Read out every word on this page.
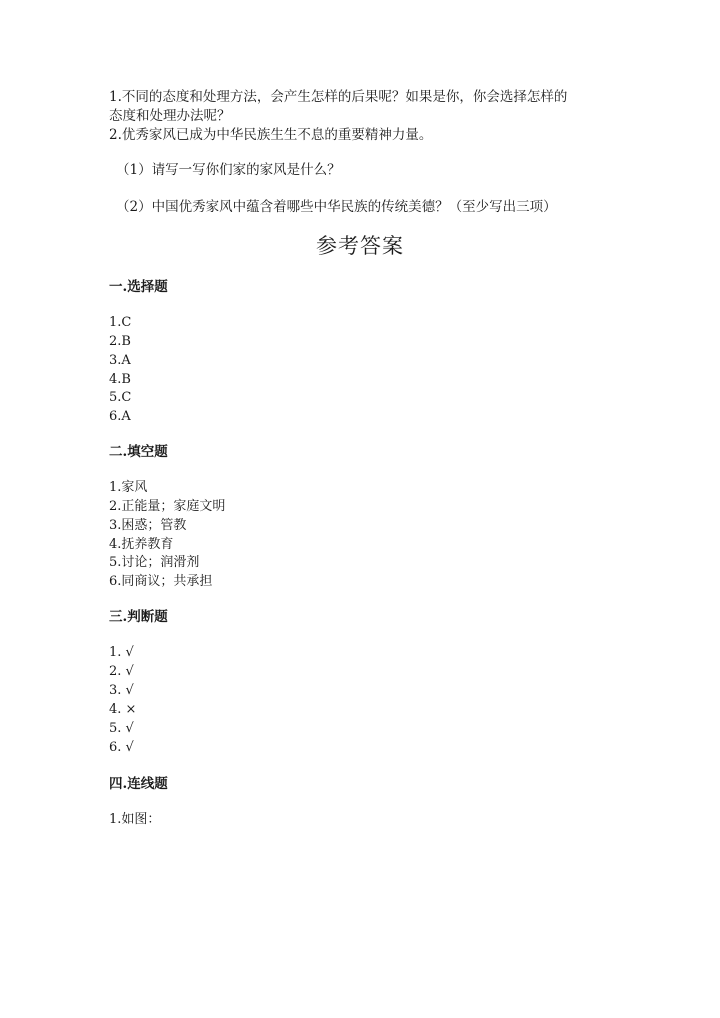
1.不同的态度和处理方法，会产生怎样的后果呢？如果是你，你会选择怎样的
态度和处理办法呢？
2.优秀家风已成为中华民族生生不息的重要精神力量。
（1）请写一写你们家的家风是什么？
（2）中国优秀家风中蕴含着哪些中华民族的传统美德？（至少写出三项）
参考答案
一.选择题
1.C
2.B
3.A
4.B
5.C
6.A
二.填空题
1.家风
2.正能量；家庭文明
3.困惑；管教
4.抚养教育
5.讨论；润滑剂
6.同商议；共承担
三.判断题
1. √
2. √
3. √
4. ×
5. √
6. √
四.连线题
1.如图：
